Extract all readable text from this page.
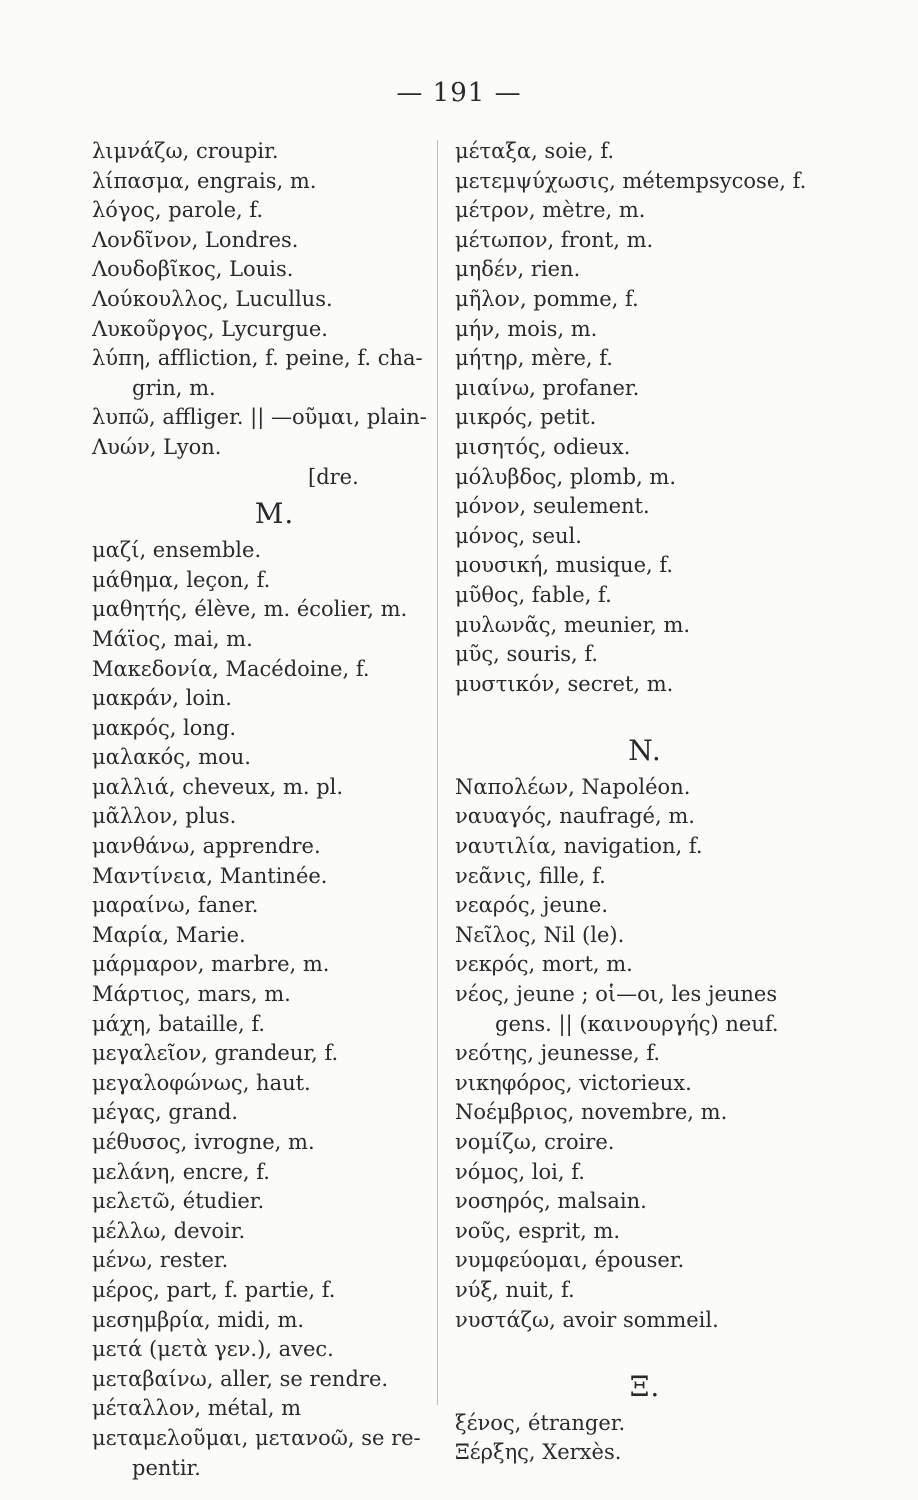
— 191 —
λιμνάζω, croupir.
λίπασμα, engrais, m.
λόγος, parole, f.
Λονδῖνον, Londres.
Λουδοβῖκος, Louis.
Λούκουλλος, Lucullus.
Λυκοῦργος, Lycurgue.
λύπη, affliction, f. peine, f. cha-
grin, m.
λυπῶ, affliger. || —οῦμαι, plain-
Λυών, Lyon.
[dre.
M.
μαζί, ensemble.
μάθημα, leçon, f.
μαθητής, élève, m. écolier, m.
Μάϊος, mai, m.
Μακεδονία, Macédoine, f.
μακράν, loin.
μακρός, long.
μαλακός, mou.
μαλλιά, cheveux, m. pl.
μᾶλλον, plus.
μανθάνω, apprendre.
Μαντίνεια, Mantinée.
μαραίνω, faner.
Μαρία, Marie.
μάρμαρον, marbre, m.
Μάρτιος, mars, m.
μάχη, bataille, f.
μεγαλεῖον, grandeur, f.
μεγαλοφώνως, haut.
μέγας, grand.
μέθυσος, ivrogne, m.
μελάνη, encre, f.
μελετῶ, étudier.
μέλλω, devoir.
μένω, rester.
μέρος, part, f. partie, f.
μεσημβρία, midi, m.
μετά (μετὰ γεν.), avec.
μεταβαίνω, aller, se rendre.
μέταλλον, métal, m
μεταμελοῦμαι, μετανοῶ, se re-
pentir.
μέταξα, soie, f.
μετεμψύχωσις, métempsycose, f.
μέτρον, mètre, m.
μέτωπον, front, m.
μηδέν, rien.
μῆλον, pomme, f.
μήν, mois, m.
μήτηρ, mère, f.
μιαίνω, profaner.
μικρός, petit.
μισητός, odieux.
μόλυβδος, plomb, m.
μόνον, seulement.
μόνος, seul.
μουσική, musique, f.
μῦθος, fable, f.
μυλωνᾶς, meunier, m.
μῦς, souris, f.
μυστικόν, secret, m.
N.
Ναπολέων, Napoléon.
ναυαγός, naufragé, m.
ναυτιλία, navigation, f.
νεᾶνις, fille, f.
νεαρός, jeune.
Νεῖλος, Nil (le).
νεκρός, mort, m.
νέος, jeune ; οἱ—οι, les jeunes
gens. || (καινουργής) neuf.
νεότης, jeunesse, f.
νικηφόρος, victorieux.
Νοέμβριος, novembre, m.
νομίζω, croire.
νόμος, loi, f.
νοσηρός, malsain.
νοῦς, esprit, m.
νυμφεύομαι, épouser.
νύξ, nuit, f.
νυστάζω, avoir sommeil.
Ξ.
ξένος, étranger.
Ξέρξης, Xerxès.
